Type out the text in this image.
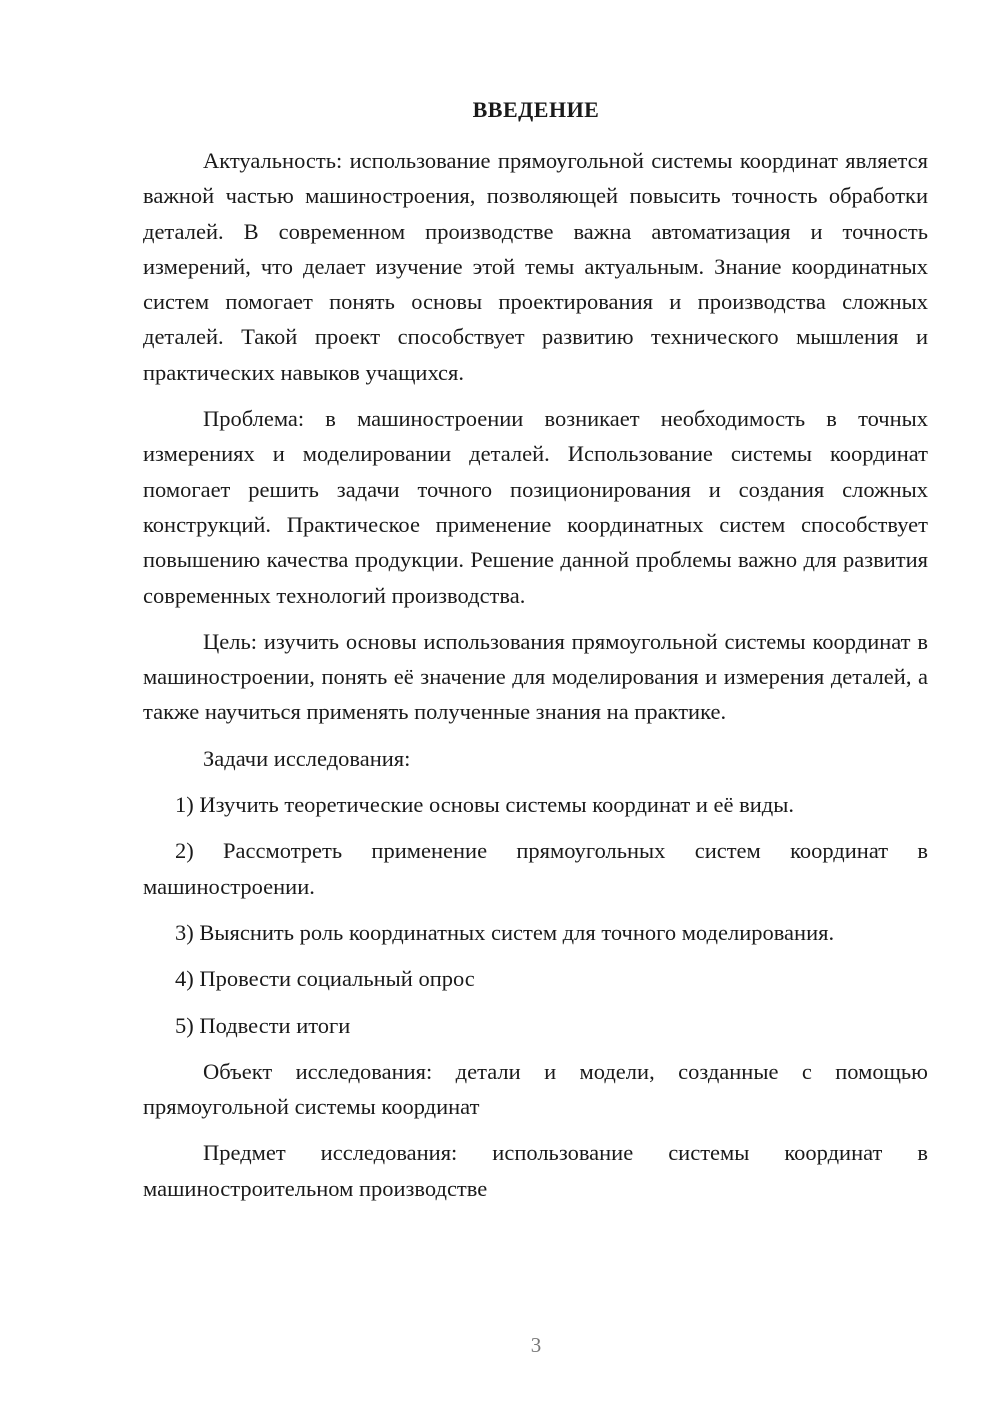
ВВЕДЕНИЕ

Актуальность: использование прямоугольной системы координат является важной частью машиностроения, позволяющей повысить точность обработки деталей. В современном производстве важна автоматизация и точность измерений, что делает изучение этой темы актуальным. Знание координатных систем помогает понять основы проектирования и производства сложных деталей. Такой проект способствует развитию технического мышления и практических навыков учащихся.

Проблема: в машиностроении возникает необходимость в точных измерениях и моделировании деталей. Использование системы координат помогает решить задачи точного позиционирования и создания сложных конструкций. Практическое применение координатных систем способствует повышению качества продукции. Решение данной проблемы важно для развития современных технологий производства.

Цель: изучить основы использования прямоугольной системы координат в машиностроении, понять её значение для моделирования и измерения деталей, а также научиться применять полученные знания на практике.

Задачи исследования:

1) Изучить теоретические основы системы координат и её виды.

2) Рассмотреть применение прямоугольных систем координат в машиностроении.

3) Выяснить роль координатных систем для точного моделирования.

4) Провести социальный опрос

5) Подвести итоги

Объект исследования: детали и модели, созданные с помощью прямоугольной системы координат

Предмет исследования: использование системы координат в машиностроительном производстве

3
